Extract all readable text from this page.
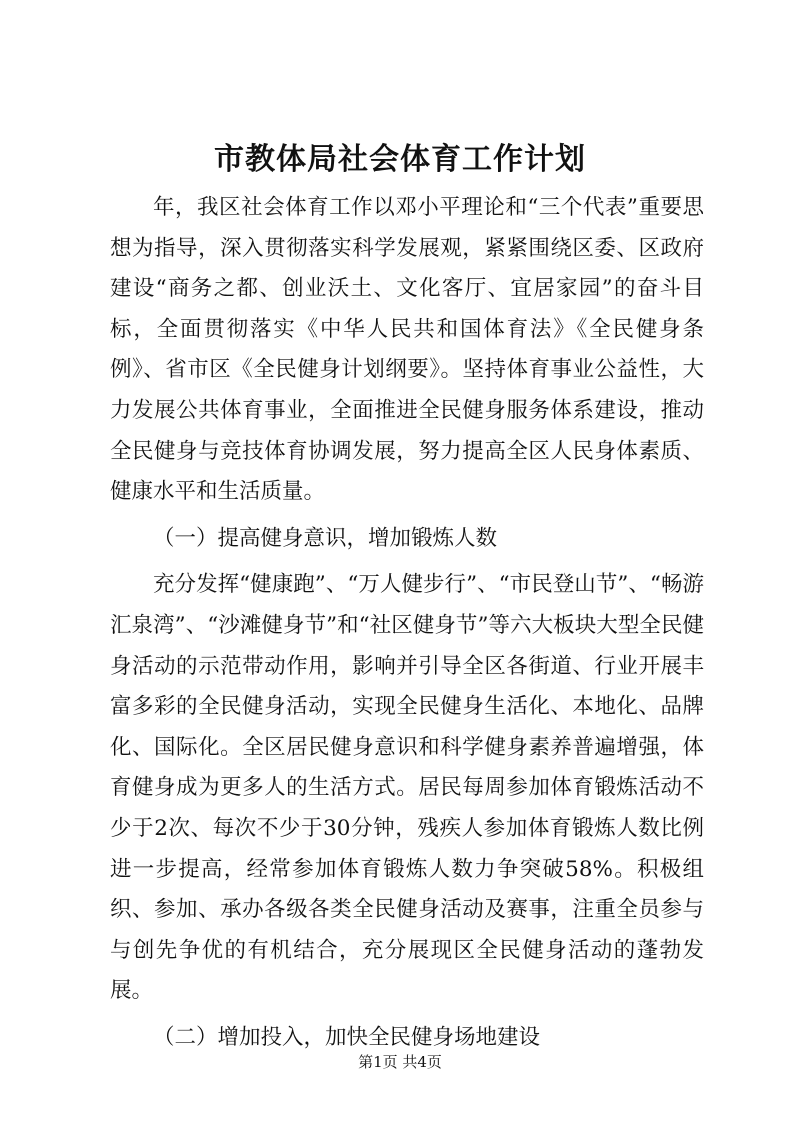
市教体局社会体育工作计划

年，我区社会体育工作以邓小平理论和“三个代表”重要思想为指导，深入贯彻落实科学发展观，紧紧围绕区委、区政府建设“商务之都、创业沃土、文化客厅、宜居家园”的奋斗目标，全面贯彻落实《中华人民共和国体育法》《全民健身条例》、省市区《全民健身计划纲要》。坚持体育事业公益性，大力发展公共体育事业，全面推进全民健身服务体系建设，推动全民健身与竞技体育协调发展，努力提高全区人民身体素质、健康水平和生活质量。

（一）提高健身意识，增加锻炼人数

充分发挥“健康跑”、“万人健步行”、“市民登山节”、“畅游汇泉湾”、“沙滩健身节”和“社区健身节”等六大板块大型全民健身活动的示范带动作用，影响并引导全区各街道、行业开展丰富多彩的全民健身活动，实现全民健身生活化、本地化、品牌化、国际化。全区居民健身意识和科学健身素养普遍增强，体育健身成为更多人的生活方式。居民每周参加体育锻炼活动不少于2次、每次不少于30分钟，残疾人参加体育锻炼人数比例进一步提高，经常参加体育锻炼人数力争突破58%。积极组织、参加、承办各级各类全民健身活动及赛事，注重全员参与与创先争优的有机结合，充分展现区全民健身活动的蓬勃发展。

（二）增加投入，加快全民健身场地建设

第1页 共4页
